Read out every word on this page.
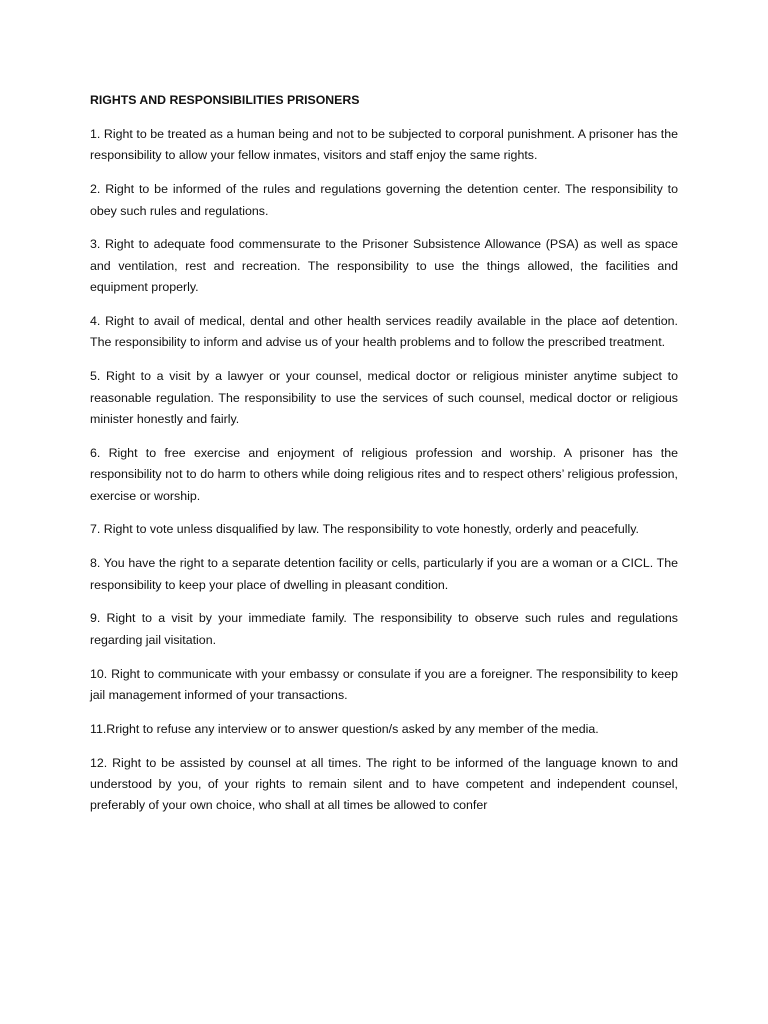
RIGHTS AND RESPONSIBILITIES PRISONERS

1. Right to be treated as a human being and not to be subjected to corporal punishment. A prisoner has the responsibility to allow your fellow inmates, visitors and staff enjoy the same rights.

2. Right to be informed of the rules and regulations governing the detention center. The responsibility to obey such rules and regulations.

3. Right to adequate food commensurate to the Prisoner Subsistence Allowance (PSA) as well as space and ventilation, rest and recreation. The responsibility to use the things allowed, the facilities and equipment properly.

4. Right to avail of medical, dental and other health services readily available in the place aof detention. The responsibility to inform and advise us of your health problems and to follow the prescribed treatment.

5. Right to a visit by a lawyer or your counsel, medical doctor or religious minister anytime subject to reasonable regulation. The responsibility to use the services of such counsel, medical doctor or religious minister honestly and fairly.

6. Right to free exercise and enjoyment of religious profession and worship. A prisoner has the responsibility not to do harm to others while doing religious rites and to respect others’ religious profession, exercise or worship.

7. Right to vote unless disqualified by law. The responsibility to vote honestly, orderly and peacefully.

8. You have the right to a separate detention facility or cells, particularly if you are a woman or a CICL. The responsibility to keep your place of dwelling in pleasant condition.

9. Right to a visit by your immediate family. The responsibility to observe such rules and regulations regarding jail visitation.

10. Right to communicate with your embassy or consulate if you are a foreigner. The responsibility to keep jail management informed of your transactions.

11.Rright to refuse any interview or to answer question/s asked by any member of the media.

12. Right to be assisted by counsel at all times. The right to be informed of the language known to and understood by you, of your rights to remain silent and to have competent and independent counsel, preferably of your own choice, who shall at all times be allowed to confer
